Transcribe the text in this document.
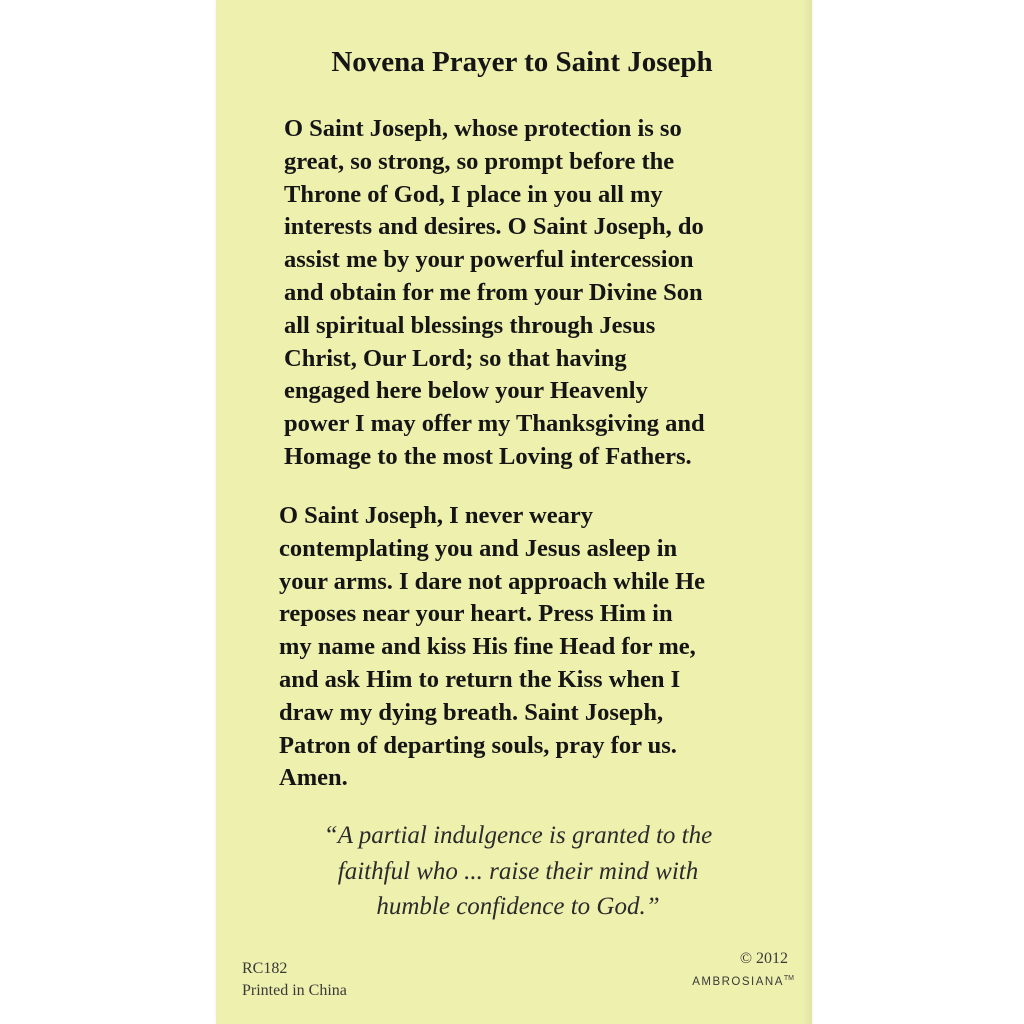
Novena Prayer to Saint Joseph

O Saint Joseph, whose protection is so
great, so strong, so prompt before the
Throne of God, I place in you all my
interests and desires. O Saint Joseph, do
assist me by your powerful intercession
and obtain for me from your Divine Son
all spiritual blessings through Jesus
Christ, Our Lord; so that having
engaged here below your Heavenly
power I may offer my Thanksgiving and
Homage to the most Loving of Fathers.

O Saint Joseph, I never weary
contemplating you and Jesus asleep in
your arms. I dare not approach while He
reposes near your heart. Press Him in
my name and kiss His fine Head for me,
and ask Him to return the Kiss when I
draw my dying breath. Saint Joseph,
Patron of departing souls, pray for us.
Amen.

“A partial indulgence is granted to the
faithful who ... raise their mind with
humble confidence to God.”
RC182
Printed in China
© 2012
AMBROSIANA™
